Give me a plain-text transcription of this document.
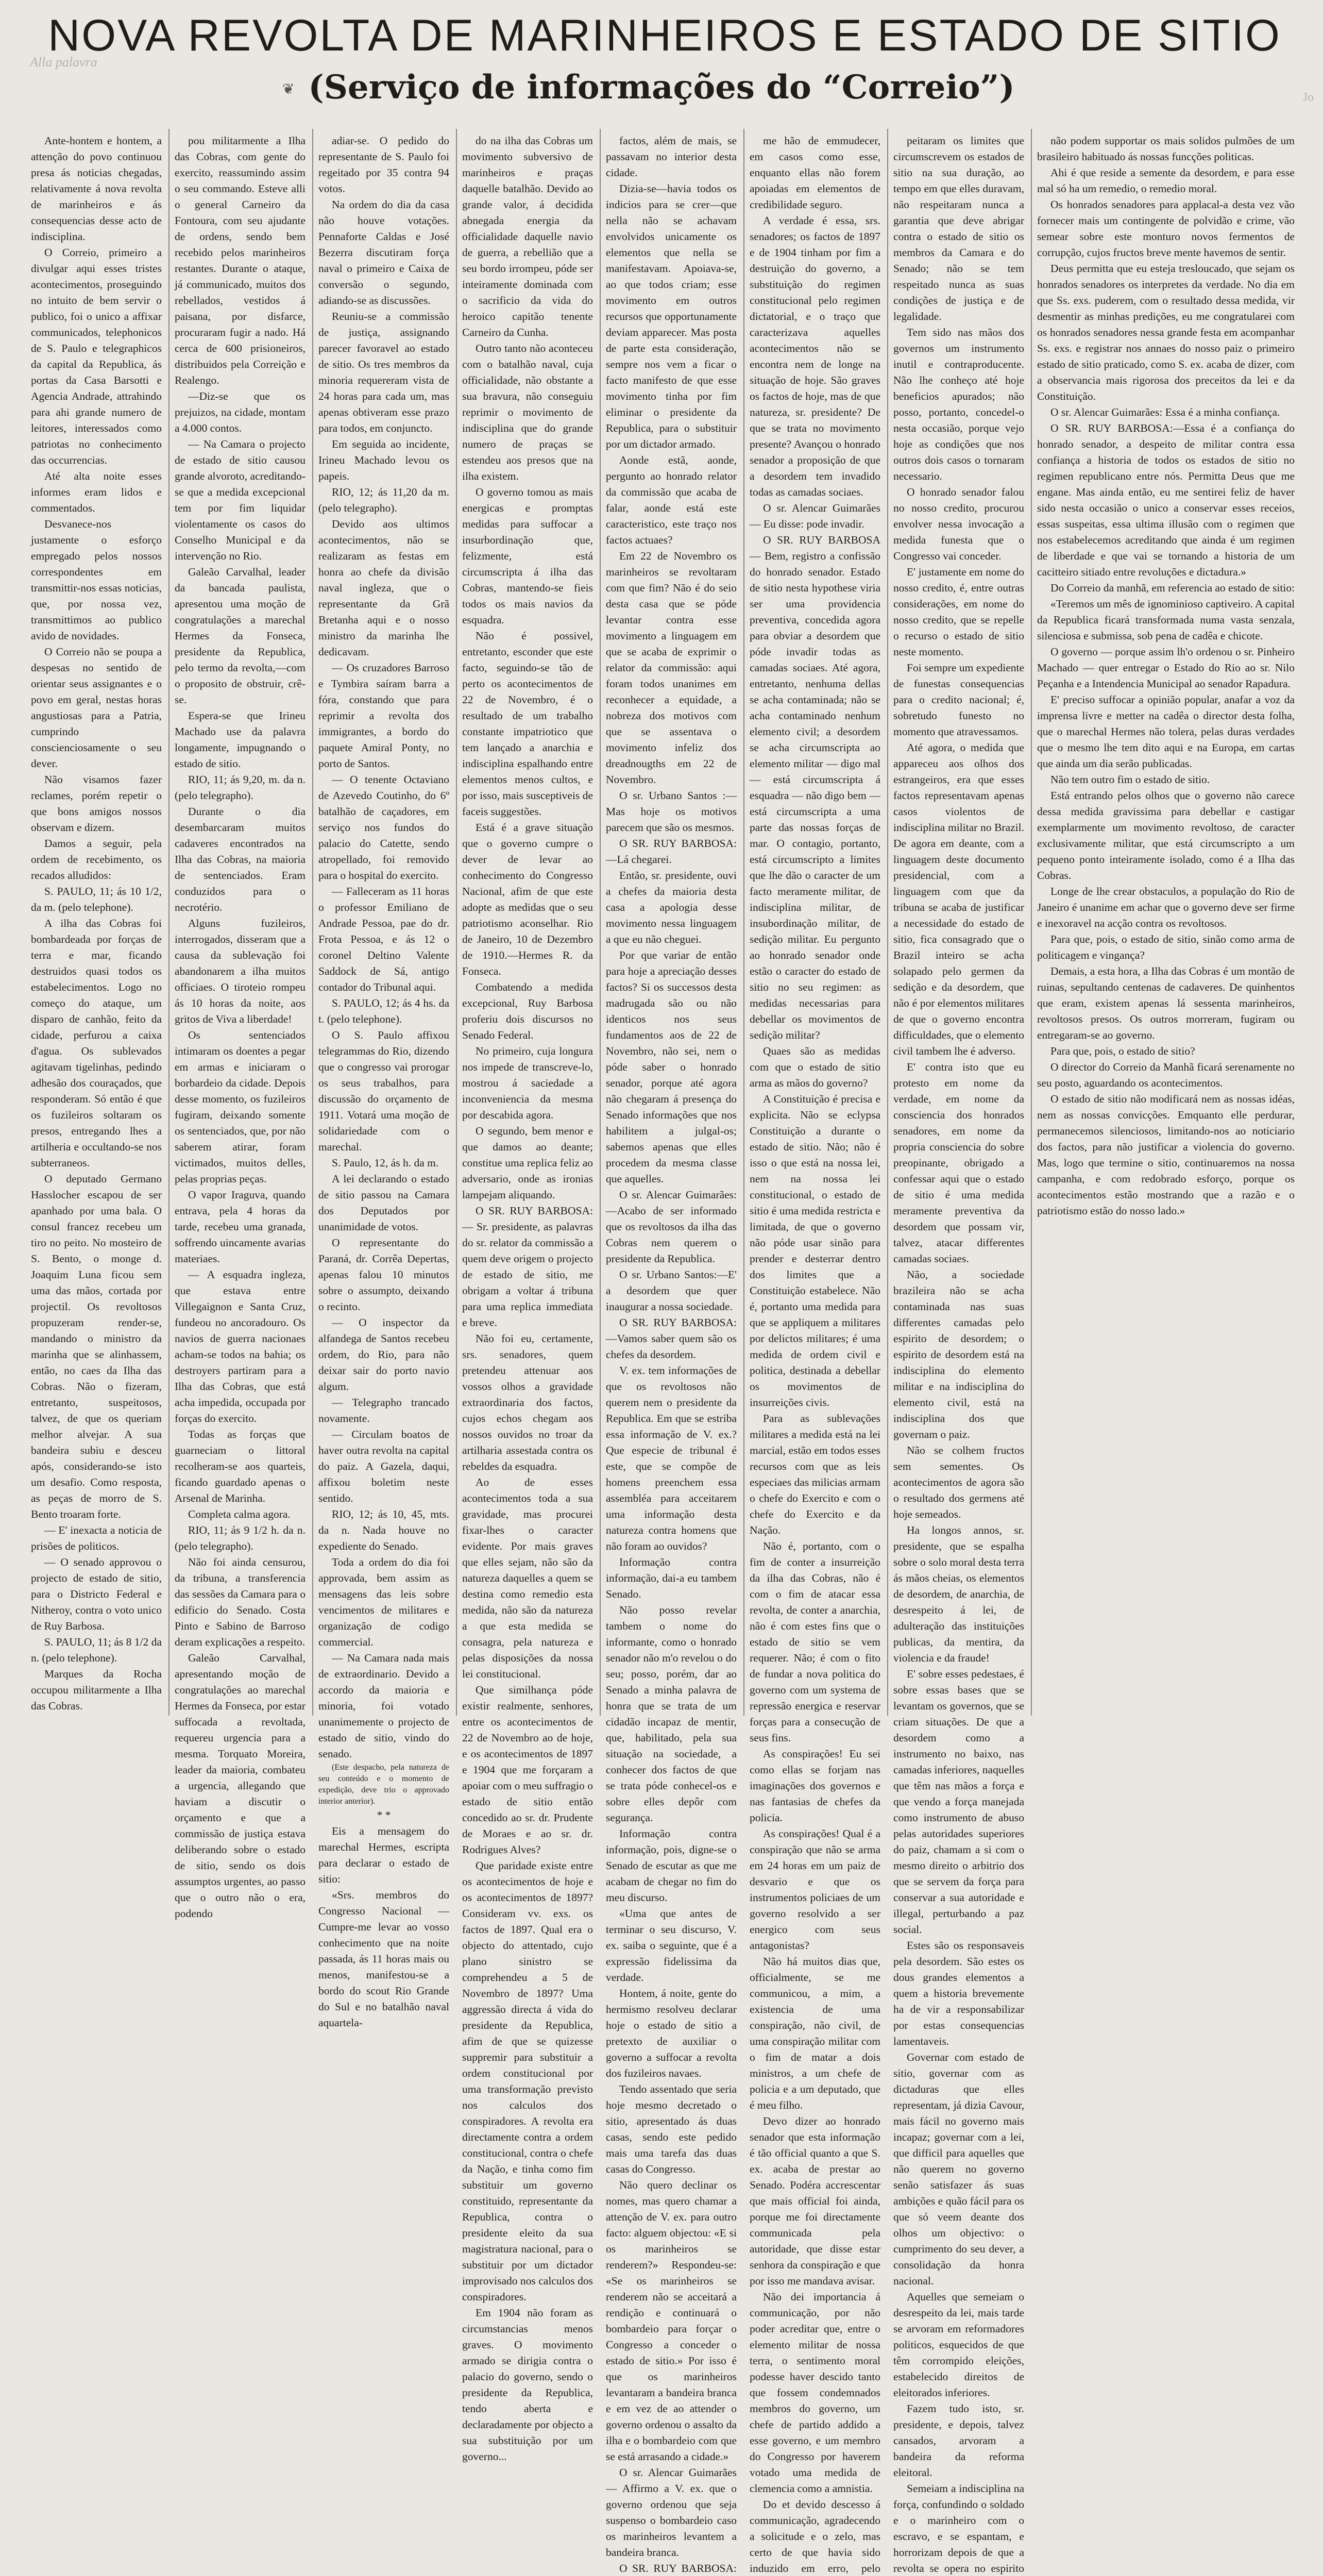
Alla palavra
Jo
NOVA REVOLTA DE MARINHEIROS E ESTADO DE SITIO
❦ (Serviço de informações do “Correio”)

Ante-hontem e hontem, a attenção do povo continuou presa ás noticias chegadas, relativamente á nova revolta de marinheiros e ás consequencias desse acto de indisciplina.

O Correio, primeiro a divulgar aqui esses tristes acontecimentos, proseguindo no intuito de bem servir o publico, foi o unico a affixar communicados, telephonicos de S. Paulo e telegraphicos da capital da Republica, ás portas da Casa Barsotti e Agencia Andrade, attrahindo para ahi grande numero de leitores, interessados como patriotas no conhecimento das occurrencias.

Até alta noite esses informes eram lidos e commentados.

Desvanece-nos justamente o esforço empregado pelos nossos correspondentes em transmittir-nos essas noticias, que, por nossa vez, transmittimos ao publico avido de novidades.

O Correio não se poupa a despesas no sentido de orientar seus assignantes e o povo em geral, nestas horas angustiosas para a Patria, cumprindo conscienciosamente o seu dever.

Não visamos fazer reclames, porém repetir o que bons amigos nossos observam e dizem.

Damos a seguir, pela ordem de recebimento, os recados alludidos:

S. PAULO, 11; ás 10 1/2, da m. (pelo telephone).

A ilha das Cobras foi bombardeada por forças de terra e mar, ficando destruidos quasi todos os estabelecimentos. Logo no começo do ataque, um disparo de canhão, feito da cidade, perfurou a caixa d'agua. Os sublevados agitavam tigelinhas, pedindo adhesão dos couraçados, que responderam. Só então é que os fuzileiros soltaram os presos, entregando lhes a artilheria e occultando-se nos subterraneos.

O deputado Germano Hasslocher escapou de ser apanhado por uma bala. O consul francez recebeu um tiro no peito. No mosteiro de S. Bento, o monge d. Joaquim Luna ficou sem uma das mãos, cortada por projectil. Os revoltosos propuzeram render-se, mandando o ministro da marinha que se alinhassem, então, no caes da Ilha das Cobras. Não o fizeram, entretanto, suspeitosos, talvez, de que os queriam melhor alvejar. A sua bandeira subiu e desceu após, considerando-se isto um desafio. Como resposta, as peças de morro de S. Bento troaram forte.

— E' inexacta a noticia de prisões de politicos.

— O senado approvou o projecto de estado de sitio, para o Districto Federal e Nitheroy, contra o voto unico de Ruy Barbosa.

S. PAULO, 11; ás 8 1/2 da n. (pelo telephone).

Marques da Rocha occupou militarmente a Ilha das Cobras.

pou militarmente a Ilha das Cobras, com gente do exercito, reassumindo assim o seu commando. Esteve alli o general Carneiro da Fontoura, com seu ajudante de ordens, sendo bem recebido pelos marinheiros restantes. Durante o ataque, já communicado, muitos dos rebellados, vestidos á paisana, por disfarce, procuraram fugir a nado. Há cerca de 600 prisioneiros, distribuidos pela Correição e Realengo.

—Diz-se que os prejuizos, na cidade, montam a 4.000 contos.

— Na Camara o projecto de estado de sitio causou grande alvoroto, acreditando-se que a medida excepcional tem por fim liquidar violentamente os casos do Conselho Municipal e da intervenção no Rio.

Galeão Carvalhal, leader da bancada paulista, apresentou uma moção de congratulações a marechal Hermes da Fonseca, presidente da Republica, pelo termo da revolta,—com o proposito de obstruir, crê-se.

Espera-se que Irineu Machado use da palavra longamente, impugnando o estado de sitio.

RIO, 11; ás 9,20, m. da n. (pelo telegrapho).

Durante o dia desembarcaram muitos cadaveres encontrados na Ilha das Cobras, na maioria de sentenciados. Eram conduzidos para o necrotério.

Alguns fuzileiros, interrogados, disseram que a causa da sublevação foi abandonarem a ilha muitos officiaes. O tiroteio rompeu ás 10 horas da noite, aos gritos de Viva a liberdade!

Os sentenciados intimaram os doentes a pegar em armas e iniciaram o borbardeio da cidade. Depois desse momento, os fuzileiros fugiram, deixando somente os sentenciados, que, por não saberem atirar, foram victimados, muitos delles, pelas proprias peças.

O vapor Iraguva, quando entrava, pela 4 horas da tarde, recebeu uma granada, soffrendo uincamente avarias materiaes.

— A esquadra ingleza, que estava entre Villegaignon e Santa Cruz, fundeou no ancoradouro. Os navios de guerra nacionaes acham-se todos na bahia; os destroyers partiram para a Ilha das Cobras, que está acha impedida, occupada por forças do exercito.

Todas as forças que guarneciam o littoral recolheram-se aos quarteis, ficando guardado apenas o Arsenal de Marinha.

Completa calma agora.

RIO, 11; ás 9 1/2 h. da n. (pelo telegrapho).

Não foi ainda censurou, da tribuna, a transferencia das sessões da Camara para o edificio do Senado. Costa Pinto e Sabino de Barroso deram explicações a respeito.

Galeão Carvalhal, apresentando moção de congratulações ao marechal Hermes da Fonseca, por estar suffocada a revoltada, requereu urgencia para a mesma. Torquato Moreira, leader da maioria, combateu a urgencia, allegando que haviam a discutir o orçamento e que a commissão de justiça estava deliberando sobre o estado de sitio, sendo os dois assumptos urgentes, ao passo que o outro não o era, podendo

adiar-se. O pedido do representante de S. Paulo foi regeitado por 35 contra 94 votos.

Na ordem do dia da casa não houve votações. Pennaforte Caldas e José Bezerra discutiram força naval o primeiro e Caixa de conversão o segundo, adiando-se as discussões.

Reuniu-se a commissão de justiça, assignando parecer favoravel ao estado de sitio. Os tres membros da minoria requereram vista de 24 horas para cada um, mas apenas obtiveram esse prazo para todos, em conjuncto.

Em seguida ao incidente, Irineu Machado levou os papeis.

RIO, 12; ás 11,20 da m. (pelo telegrapho).

Devido aos ultimos acontecimentos, não se realizaram as festas em honra ao chefe da divisão naval ingleza, que o representante da Grã Bretanha aqui e o nosso ministro da marinha lhe dedicavam.

— Os cruzadores Barroso e Tymbira saíram barra a fóra, constando que para reprimir a revolta dos immigrantes, a bordo do paquete Amiral Ponty, no porto de Santos.

— O tenente Octaviano de Azevedo Coutinho, do 6º batalhão de caçadores, em serviço nos fundos do palacio do Catette, sendo atropellado, foi removido para o hospital do exercito.

— Falleceram as 11 horas o professor Emiliano de Andrade Pessoa, pae do dr. Frota Pessoa, e ás 12 o coronel Deltino Valente Saddock de Sá, antigo contador do Tribunal aqui.

S. PAULO, 12; ás 4 hs. da t. (pelo telephone).

O S. Paulo affixou telegrammas do Rio, dizendo que o congresso vai prorogar os seus trabalhos, para discussão do orçamento de 1911. Votará uma moção de solidariedade com o marechal.

S. Paulo, 12, ás h. da m.

A lei declarando o estado de sitio passou na Camara dos Deputados por unanimidade de votos.

O representante do Paraná, dr. Corrêa Depertas, apenas falou 10 minutos sobre o assumpto, deixando o recinto.

— O inspector da alfandega de Santos recebeu ordem, do Rio, para não deixar sair do porto navio algum.

— Telegrapho trancado novamente.

— Circulam boatos de haver outra revolta na capital do paiz. A Gazela, daqui, affixou boletim neste sentido.

RIO, 12; ás 10, 45, mts. da n. Nada houve no expediente do Senado.

Toda a ordem do dia foi approvada, bem assim as mensagens das leis sobre vencimentos de militares e organização de codigo commercial.

— Na Camara nada mais de extraordinario. Devido a accordo da maioria e minoria, foi votado unanimemente o projecto de estado de sitio, vindo do senado.

(Este despacho, pela natureza de seu conteúdo e o momento de expedição, deve trio o approvado interior anterior).

* *

Eis a mensagem do marechal Hermes, escripta para declarar o estado de sitio:

«Srs. membros do Congresso Nacional — Cumpre-me levar ao vosso conhecimento que na noite passada, ás 11 horas mais ou menos, manifestou-se a bordo do scout Rio Grande do Sul e no batalhão naval aquartela-

do na ilha das Cobras um movimento subversivo de marinheiros e praças daquelle batalhão. Devido ao grande valor, á decidida abnegada energia da officialidade daquelle navio de guerra, a rebellião que a seu bordo irrompeu, póde ser inteiramente dominada com o sacrificio da vida do heroico capitão tenente Carneiro da Cunha.

Outro tanto não aconteceu com o batalhão naval, cuja officialidade, não obstante a sua bravura, não conseguiu reprimir o movimento de indisciplina que do grande numero de praças se estendeu aos presos que na ilha existem.

O governo tomou as mais energicas e promptas medidas para suffocar a insurbordinação que, felizmente, está circumscripta á ilha das Cobras, mantendo-se fieis todos os mais navios da esquadra.

Não é possivel, entretanto, esconder que este facto, seguindo-se tão de perto os acontecimentos de 22 de Novembro, é o resultado de um trabalho constante impatriotico que tem lançado a anarchia e indisciplina espalhando entre elementos menos cultos, e por isso, mais susceptiveis de faceis suggestões.

Está é a grave situação que o governo cumpre o dever de levar ao conhecimento do Congresso Nacional, afim de que este adopte as medidas que o seu patriotismo aconselhar. Rio de Janeiro, 10 de Dezembro de 1910.—Hermes R. da Fonseca.

Combatendo a medida excepcional, Ruy Barbosa proferiu dois discursos no Senado Federal.

No primeiro, cuja longura nos impede de transcreve-lo, mostrou á saciedade a inconveniencia da mesma por descabida agora.

O segundo, bem menor e que damos ao deante; constitue uma replica feliz ao adversario, onde as ironias lampejam aliquando.

O SR. RUY BARBOSA: — Sr. presidente, as palavras do sr. relator da commissão a quem deve origem o projecto de estado de sitio, me obrigam a voltar á tribuna para uma replica immediata e breve.

Não foi eu, certamente, srs. senadores, quem pretendeu attenuar aos vossos olhos a gravidade extraordinaria dos factos, cujos echos chegam aos nossos ouvidos no troar da artilharia assestada contra os rebeldes da esquadra.

Ao de esses acontecimentos toda a sua gravidade, mas procurei fixar-lhes o caracter evidente. Por mais graves que elles sejam, não são da natureza daquelles a quem se destina como remedio esta medida, não são da natureza a que esta medida se consagra, pela natureza e pelas disposições da nossa lei constitucional.

Que similhança póde existir realmente, senhores, entre os acontecimentos de 22 de Novembro ao de hoje, e os acontecimentos de 1897 e 1904 que me forçaram a apoiar com o meu suffragio o estado de sitio então concedido ao sr. dr. Prudente de Moraes e ao sr. dr. Rodrigues Alves?

Que paridade existe entre os acontecimentos de hoje e os acontecimentos de 1897? Consideram vv. exs. os factos de 1897. Qual era o objecto do attentado, cujo plano sinistro se comprehendeu a 5 de Novembro de 1897? Uma aggressão directa á vida do presidente da Republica, afim de que se quizesse suppremir para substituir a ordem constitucional por uma transformação previsto nos calculos dos conspiradores. A revolta era directamente contra a ordem constitucional, contra o chefe da Nação, e tinha como fim substituir um governo constituido, representante da Republica, contra o presidente eleito da sua magistratura nacional, para o substituir por um dictador improvisado nos calculos dos conspiradores.

Em 1904 não foram as circumstancias menos graves. O movimento armado se dirigia contra o palacio do governo, sendo o presidente da Republica, tendo aberta e declaradamente por objecto a sua substituição por um governo...

factos, além de mais, se passavam no interior desta cidade.

Dizia-se—havia todos os indicios para se crer—que nella não se achavam envolvidos unicamente os elementos que nella se manifestavam. Apoiava-se, ao que todos criam; esse movimento em outros recursos que opportunamente deviam apparecer. Mas posta de parte esta consideração, sempre nos vem a ficar o facto manifesto de que esse movimento tinha por fim eliminar o presidente da Republica, para o substituir por um dictador armado.

Aonde estã, aonde, pergunto ao honrado relator da commissão que acaba de falar, aonde está este caracteristico, este traço nos factos actuaes?

Em 22 de Novembro os marinheiros se revoltaram com que fim? Não é do seio desta casa que se póde levantar contra esse movimento a linguagem em que se acaba de exprimir o relator da commissão: aqui foram todos unanimes em reconhecer a equidade, a nobreza dos motivos com que se assentava o movimento infeliz dos dreadnougths em 22 de Novembro.

O sr. Urbano Santos :—Mas hoje os motivos parecem que são os mesmos.

O SR. RUY BARBOSA:—Lá chegarei.

Então, sr. presidente, ouvi a chefes da maioria desta casa a apologia desse movimento nessa linguagem a que eu não cheguei.

Por que variar de então para hoje a apreciação desses factos? Si os successos desta madrugada são ou não identicos nos seus fundamentos aos de 22 de Novembro, não sei, nem o póde saber o honrado senador, porque até agora não chegaram á presença do Senado informações que nos habilitem a julgal-os; sabemos apenas que elles procedem da mesma classe que aquelles.

O sr. Alencar Guimarães:—Acabo de ser informado que os revoltosos da ilha das Cobras nem querem o presidente da Republica.

O sr. Urbano Santos:—E' a desordem que quer inaugurar a nossa sociedade.

O SR. RUY BARBOSA:—Vamos saber quem são os chefes da desordem.

V. ex. tem informações de que os revoltosos não querem nem o presidente da Republica. Em que se estriba essa informação de V. ex.? Que especie de tribunal é este, que se compõe de homens preenchem essa assembléa para acceitarem uma informação desta natureza contra homens que não foram ao ouvidos?

Informação contra informação, dai-a eu tambem Senado.

Não posso revelar tambem o nome do informante, como o honrado senador não m'o revelou o do seu; posso, porém, dar ao Senado a minha palavra de honra que se trata de um cidadão incapaz de mentir, que, habilitado, pela sua situação na sociedade, a conhecer dos factos de que se trata póde conhecel-os e sobre elles depôr com segurança.

Informação contra informação, pois, digne-se o Senado de escutar as que me acabam de chegar no fim do meu discurso.

«Uma que antes de terminar o seu discurso, V. ex. saiba o seguinte, que é a expressão fidelissima da verdade.

Hontem, á noite, gente do hermismo resolveu declarar hoje o estado de sitio a pretexto de auxiliar o governo a suffocar a revolta dos fuzileiros navaes.

Tendo assentado que seria hoje mesmo decretado o sitio, apresentado ás duas casas, sendo este pedido mais uma tarefa das duas casas do Congresso.

Não quero declinar os nomes, mas quero chamar a attenção de V. ex. para outro facto: alguem objectou: «E si os marinheiros se renderem?» Respondeu-se: «Se os marinheiros se renderem não se acceitará a rendição e continuará o bombardeio para forçar o Congresso a conceder o estado de sitio.» Por isso é que os marinheiros levantaram a bandeira branca e em vez de ao attender o governo ordenou o assalto da ilha e o bombardeio com que se está arrasando a cidade.»

O sr. Alencar Guimarães — Affirmo a V. ex. que o governo ordenou que seja suspenso o bombardeio caso os marinheiros levantem a bandeira branca.

O SR. RUY BARBOSA:

me hão de emmudecer, em casos como esse, enquanto ellas não forem apoiadas em elementos de credibilidade seguro.

A verdade é essa, srs. senadores; os factos de 1897 e de 1904 tinham por fim a destruição do governo, a substituição do regimen constitucional pelo regimen dictatorial, e o traço que caracterizava aquelles acontecimentos não se encontra nem de longe na situação de hoje. São graves os factos de hoje, mas de que natureza, sr. presidente? De que se trata no movimento presente? Avançou o honrado senador a proposição de que a desordem tem invadido todas as camadas sociaes.

O sr. Alencar Guimarães — Eu disse: pode invadir.

O SR. RUY BARBOSA — Bem, registro a confissão do honrado senador. Estado de sitio nesta hypothese viria ser uma providencia preventiva, concedida agora para obviar a desordem que póde invadir todas as camadas sociaes. Até agora, entretanto, nenhuma dellas se acha contaminada; não se acha contaminado nenhum elemento civil; a desordem se acha circumscripta ao elemento militar — digo mal — está circumscripta á esquadra — não digo bem — está circumscripta a uma parte das nossas forças de mar. O contagio, portanto, está circumscripto a limites que lhe dão o caracter de um facto meramente militar, de indisciplina militar, de insubordinação militar, de sedição militar. Eu pergunto ao honrado senador onde estão o caracter do estado de sitio no seu regimen: as medidas necessarias para debellar os movimentos de sedição militar?

Quaes são as medidas com que o estado de sitio arma as mãos do governo?

A Constituição é precisa e explicita. Não se eclypsa Constituição a durante o estado de sitio. Não; não é isso o que está na nossa lei, nem na nossa lei constitucional, o estado de sitio é uma medida restricta e limitada, de que o governo não póde usar sinão para prender e desterrar dentro dos limites que a Constituição estabelece. Não é, portanto uma medida para que se appliquem a militares por delictos militares; é uma medida de ordem civil e politica, destinada a debellar os movimentos de insurreições civis.

Para as sublevações militares a medida está na lei marcial, estão em todos esses recursos com que as leis especiaes das milicias armam o chefe do Exercito e com o chefe do Exercito e da Nação.

Não é, portanto, com o fim de conter a insurreição da ilha das Cobras, não é com o fim de atacar essa revolta, de conter a anarchia, não é com estes fins que o estado de sitio se vem requerer. Não; é com o fito de fundar a nova politica do governo com um systema de repressão energica e reservar forças para a consecução de seus fins.

As conspirações! Eu sei como ellas se forjam nas imaginações dos governos e nas fantasias de chefes da policia.

As conspirações! Qual é a conspiração que não se arma em 24 horas em um paiz de desvario e que os instrumentos policiaes de um governo resolvido a ser energico com seus antagonistas?

Não há muitos dias que, officialmente, se me communicou, a mim, a existencia de uma conspiração, não civil, de uma conspiração militar com o fim de matar a dois ministros, a um chefe de policia e a um deputado, que é meu filho.

Devo dizer ao honrado senador que esta informação é tão official quanto a que S. ex. acaba de prestar ao Senado. Podéra accrescentar que mais official foi ainda, porque me foi directamente communicada pela autoridade, que disse estar senhora da conspiração e que por isso me mandava avisar.

Não dei importancia á communicação, por não poder acreditar que, entre o elemento militar de nossa terra, o sentimento moral podesse haver descido tanto que fossem condemnados membros do governo, um chefe de partido addido a esse governo, e um membro do Congresso por haverem votado uma medida de clemencia como a amnistia.

Do et devido descesso á communicação, agradecendo a solicitude e o zelo, mas certo de que havia sido induzido em erro, pelo

peitaram os limites que circumscrevem os estados de sitio na sua duração, ao tempo em que elles duravam, não respeitaram nunca a garantia que deve abrigar contra o estado de sitio os membros da Camara e do Senado; não se tem respeitado nunca as suas condições de justiça e de legalidade.

Tem sido nas mãos dos governos um instrumento inutil e contraproducente. Não lhe conheço até hoje beneficios apurados; não posso, portanto, concedel-o nesta occasião, porque vejo hoje as condições que nos outros dois casos o tornaram necessario.

O honrado senador falou no nosso credito, procurou envolver nessa invocação a medida funesta que o Congresso vai conceder.

E' justamente em nome do nosso credito, é, entre outras considerações, em nome do nosso credito, que se repelle o recurso o estado de sitio neste momento.

Foi sempre um expediente de funestas consequencias para o credito nacional; é, sobretudo funesto no momento que atravessamos.

Até agora, o medida que appareceu aos olhos dos estrangeiros, era que esses factos representavam apenas casos violentos de indisciplina militar no Brazil. De agora em deante, com a linguagem deste documento presidencial, com a linguagem com que da tribuna se acaba de justificar a necessidade do estado de sitio, fica consagrado que o Brazil inteiro se acha solapado pelo germen da sedição e da desordem, que não é por elementos militares de que o governo encontra difficuldades, que o elemento civil tambem lhe é adverso.

E' contra isto que eu protesto em nome da verdade, em nome da consciencia dos honrados senadores, em nome da propria consciencia do sobre preopinante, obrigado a confessar aqui que o estado de sitio é uma medida meramente preventiva da desordem que possam vir, talvez, atacar differentes camadas sociaes.

Não, a sociedade brazileira não se acha contaminada nas suas differentes camadas pelo espirito de desordem; o espirito de desordem está na indisciplina do elemento militar e na indisciplina do elemento civil, está na indisciplina dos que governam o paiz.

Não se colhem fructos sem sementes. Os acontecimentos de agora são o resultado dos germens até hoje semeados.

Ha longos annos, sr. presidente, que se espalha sobre o solo moral desta terra ás mãos cheias, os elementos de desordem, de anarchia, de desrespeito á lei, de adulteração das instituições publicas, da mentira, da violencia e da fraude!

E' sobre esses pedestaes, é sobre essas bases que se levantam os governos, que se criam situações. De que a desordem como a instrumento no baixo, nas camadas inferiores, naquelles que têm nas mãos a força e que vendo a força manejada como instrumento de abuso pelas autoridades superiores do paiz, chamam a si com o mesmo direito o arbitrio dos que se servem da força para conservar a sua autoridade e illegal, perturbando a paz social.

Estes são os responsaveis pela desordem. São estes os dous grandes elementos a quem a historia brevemente ha de vir a responsabilizar por estas consequencias lamentaveis.

Governar com estado de sitio, governar com as dictaduras que elles representam, já dizia Cavour, mais fácil no governo mais incapaz; governar com a lei, que difficil para aquelles que não querem no governo senão satisfazer ás suas ambições e quão fácil para os que só veem deante dos olhos um objectivo: o cumprimento do seu dever, a consolidação da honra nacional.

Aquelles que semeiam o desrespeito da lei, mais tarde se arvoram em reformadores politicos, esquecidos de que têm corrompido eleições, estabelecido direitos de eleitorados inferiores.

Fazem tudo isto, sr. presidente, e depois, talvez cansados, arvoram a bandeira da reforma eleitoral.

Semeiam a indisciplina na força, confundindo o soldado e o marinheiro com o escravo, e se espantam, e horrorizam depois de que a revolta se opera no espirito

não podem supportar os mais solidos pulmões de um brasileiro habituado ás nossas funcções politicas.

Ahi é que reside a semente da desordem, e para esse mal só ha um remedio, o remedio moral.

Os honrados senadores para applacal-a desta vez vão fornecer mais um contingente de polvidão e crime, vão semear sobre este monturo novos fermentos de corrupção, cujos fructos breve mente havemos de sentir.

Deus permitta que eu esteja tresloucado, que sejam os honrados senadores os interpretes da verdade. No dia em que Ss. exs. puderem, com o resultado dessa medida, vir desmentir as minhas predições, eu me congratularei com os honrados senadores nessa grande festa em acompanhar Ss. exs. e registrar nos annaes do nosso paiz o primeiro estado de sitio praticado, como S. ex. acaba de dizer, com a observancia mais rigorosa dos preceitos da lei e da Constituição.

O sr. Alencar Guimarães: Essa é a minha confiança.

O SR. RUY BARBOSA:—Essa é a confiança do honrado senador, a despeito de militar contra essa confiança a historia de todos os estados de sitio no regimen republicano entre nós. Permitta Deus que me engane. Mas ainda então, eu me sentirei feliz de haver sido nesta occasião o unico a conservar esses receios, essas suspeitas, essa ultima illusão com o regimen que nos estabelecemos acreditando que ainda é um regimen de liberdade e que vai se tornando a historia de um cacitteiro sitiado entre revoluções e dictadura.»

Do Correio da manhã, em referencia ao estado de sitio:

«Teremos um mês de ignominioso captiveiro. A capital da Republica ficará transformada numa vasta senzala, silenciosa e submissa, sob pena de cadêa e chicote.

O governo — porque assim lh'o ordenou o sr. Pinheiro Machado — quer entregar o Estado do Rio ao sr. Nilo Peçanha e a Intendencia Municipal ao senador Rapadura.

E' preciso suffocar a opinião popular, anafar a voz da imprensa livre e metter na cadêa o director desta folha, que o marechal Hermes não tolera, pelas duras verdades que o mesmo lhe tem dito aqui e na Europa, em cartas que ainda um dia serão publicadas.

Não tem outro fim o estado de sitio.

Está entrando pelos olhos que o governo não carece dessa medida gravissima para debellar e castigar exemplarmente um movimento revoltoso, de caracter exclusivamente militar, que está circumscripto a um pequeno ponto inteiramente isolado, como é a Ilha das Cobras.

Longe de lhe crear obstaculos, a população do Rio de Janeiro é unanime em achar que o governo deve ser firme e inexoravel na acção contra os revoltosos.

Para que, pois, o estado de sitio, sinão como arma de politicagem e vingança?

Demais, a esta hora, a Ilha das Cobras é um montão de ruinas, sepultando centenas de cadaveres. De quinhentos que eram, existem apenas lá sessenta marinheiros, revoltosos presos. Os outros morreram, fugiram ou entregaram-se ao governo.

Para que, pois, o estado de sitio?

O director do Correio da Manhã ficará serenamente no seu posto, aguardando os acontecimentos.

O estado de sitio não modificará nem as nossas idéas, nem as nossas convicções. Emquanto elle perdurar, permanecemos silenciosos, limitando-nos ao noticiario dos factos, para não justificar a violencia do governo. Mas, logo que termine o sitio, continuaremos na nossa campanha, e com redobrado esforço, porque os acontecimentos estão mostrando que a razão e o patriotismo estão do nosso lado.»
